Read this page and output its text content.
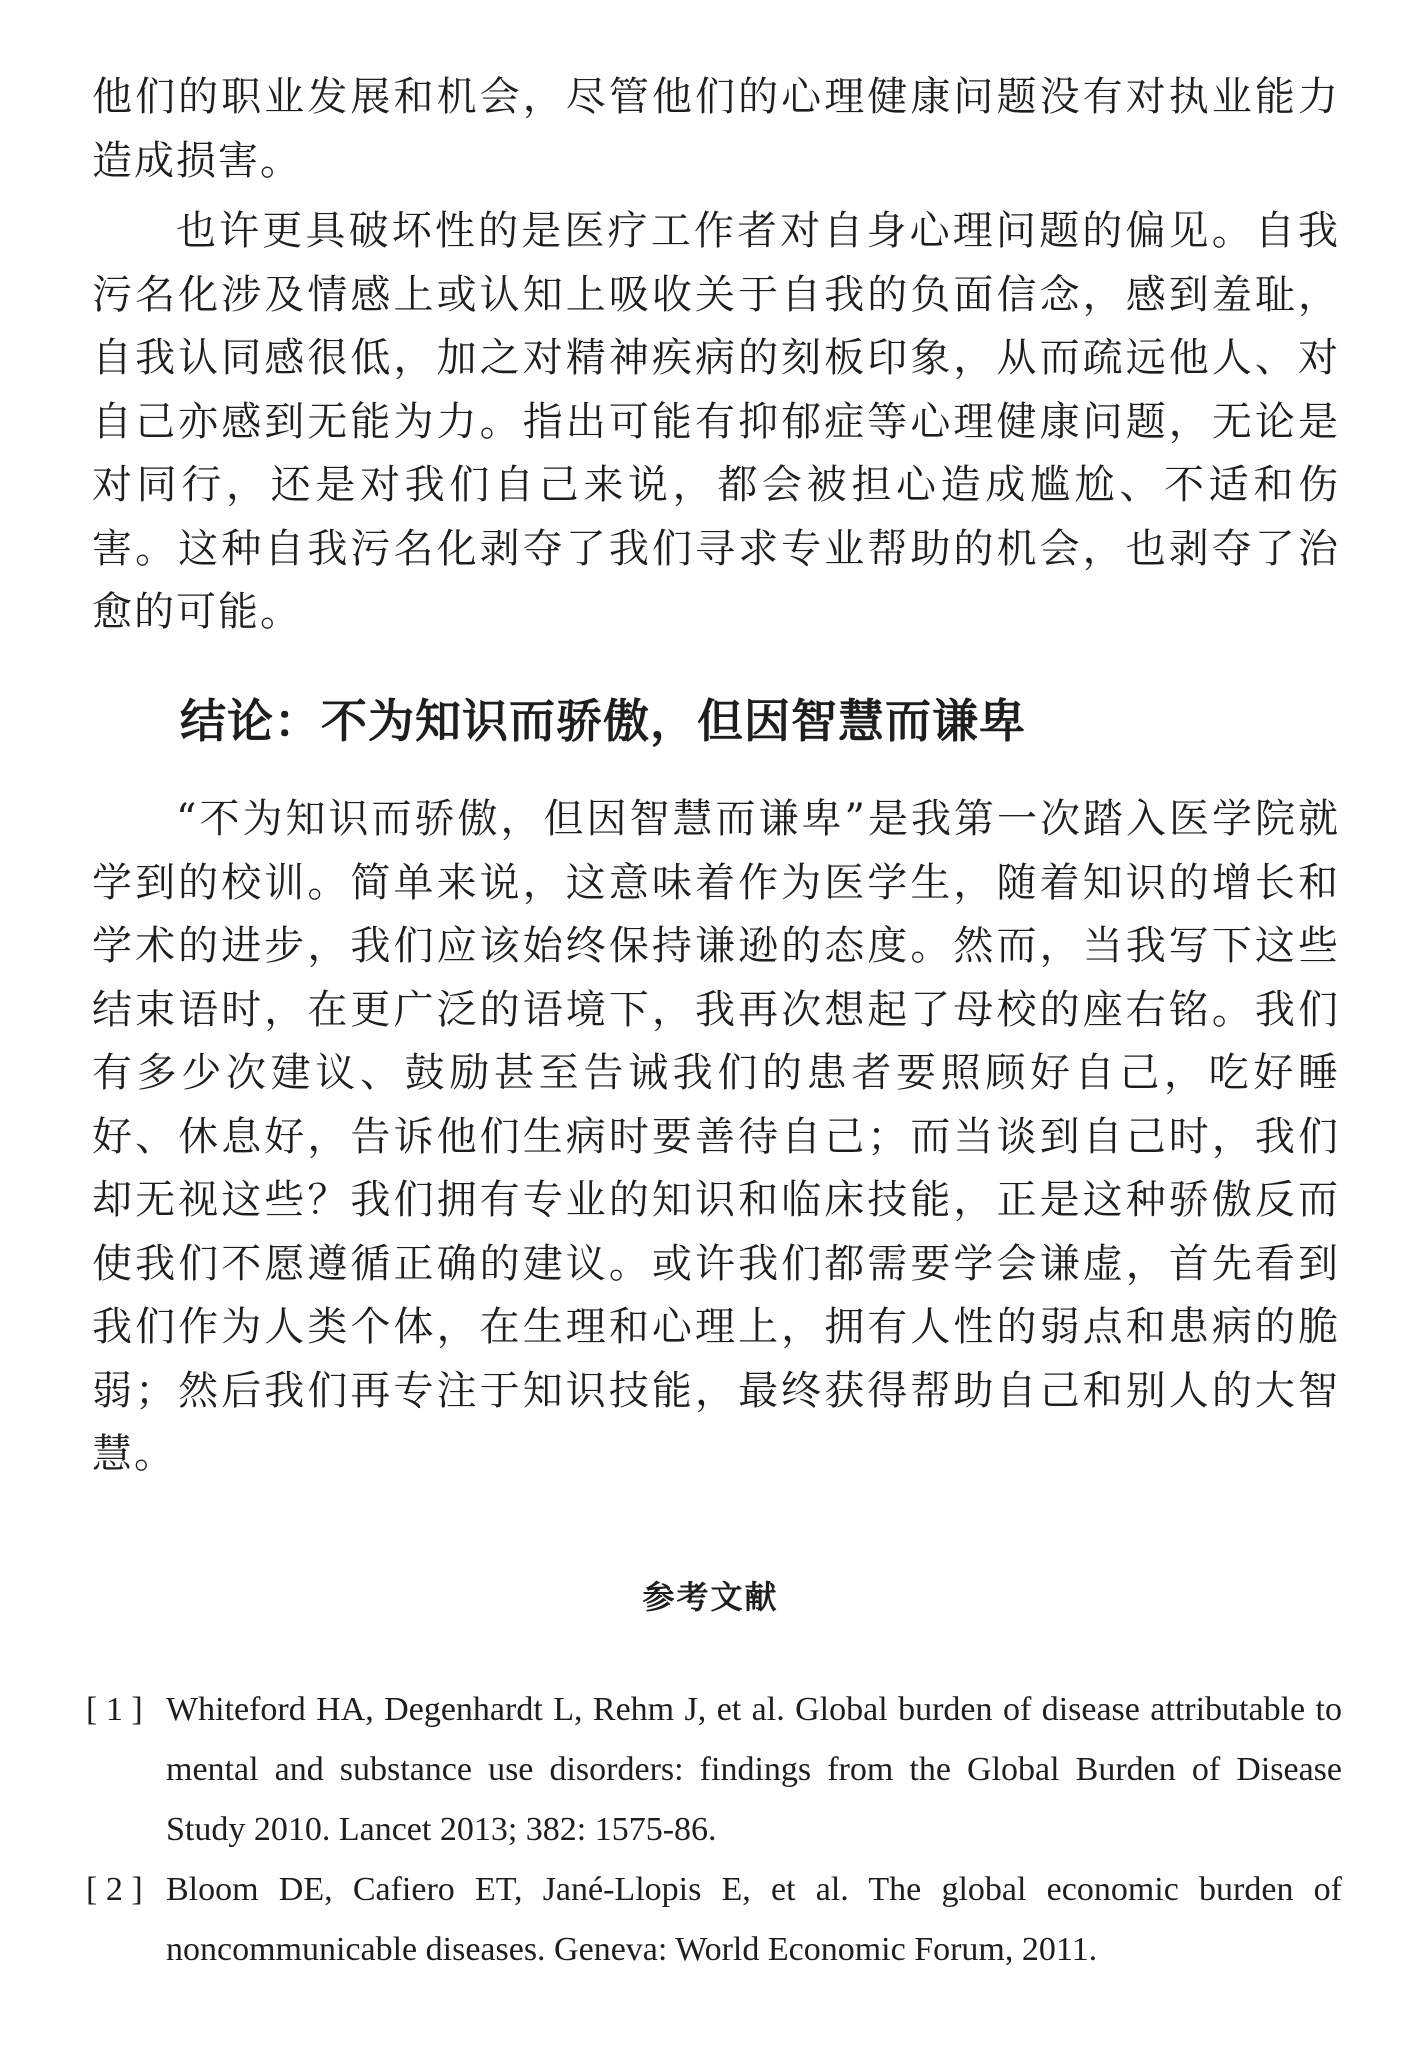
他们的职业发展和机会，尽管他们的心理健康问题没有对执业能力造成损害。

也许更具破坏性的是医疗工作者对自身心理问题的偏见。自我污名化涉及情感上或认知上吸收关于自我的负面信念，感到羞耻，自我认同感很低，加之对精神疾病的刻板印象，从而疏远他人、对自己亦感到无能为力。指出可能有抑郁症等心理健康问题，无论是对同行，还是对我们自己来说，都会被担心造成尴尬、不适和伤害。这种自我污名化剥夺了我们寻求专业帮助的机会，也剥夺了治愈的可能。

结论：不为知识而骄傲，但因智慧而谦卑

“不为知识而骄傲，但因智慧而谦卑”是我第一次踏入医学院就学到的校训。简单来说，这意味着作为医学生，随着知识的增长和学术的进步，我们应该始终保持谦逊的态度。然而，当我写下这些结束语时，在更广泛的语境下，我再次想起了母校的座右铭。我们有多少次建议、鼓励甚至告诫我们的患者要照顾好自己，吃好睡好、休息好，告诉他们生病时要善待自己；而当谈到自己时，我们却无视这些？我们拥有专业的知识和临床技能，正是这种骄傲反而使我们不愿遵循正确的建议。或许我们都需要学会谦虚，首先看到我们作为人类个体，在生理和心理上，拥有人性的弱点和患病的脆弱；然后我们再专注于知识技能，最终获得帮助自己和别人的大智慧。

参考文献
[ 1 ] Whiteford HA, Degenhardt L, Rehm J, et al. Global burden of disease attributable to mental and substance use disorders: findings from the Global Burden of Disease Study 2010. Lancet 2013; 382: 1575-86.
[ 2 ] Bloom DE, Cafiero ET, Jané-Llopis E, et al. The global economic burden of noncommunicable diseases. Geneva: World Economic Forum, 2011.
